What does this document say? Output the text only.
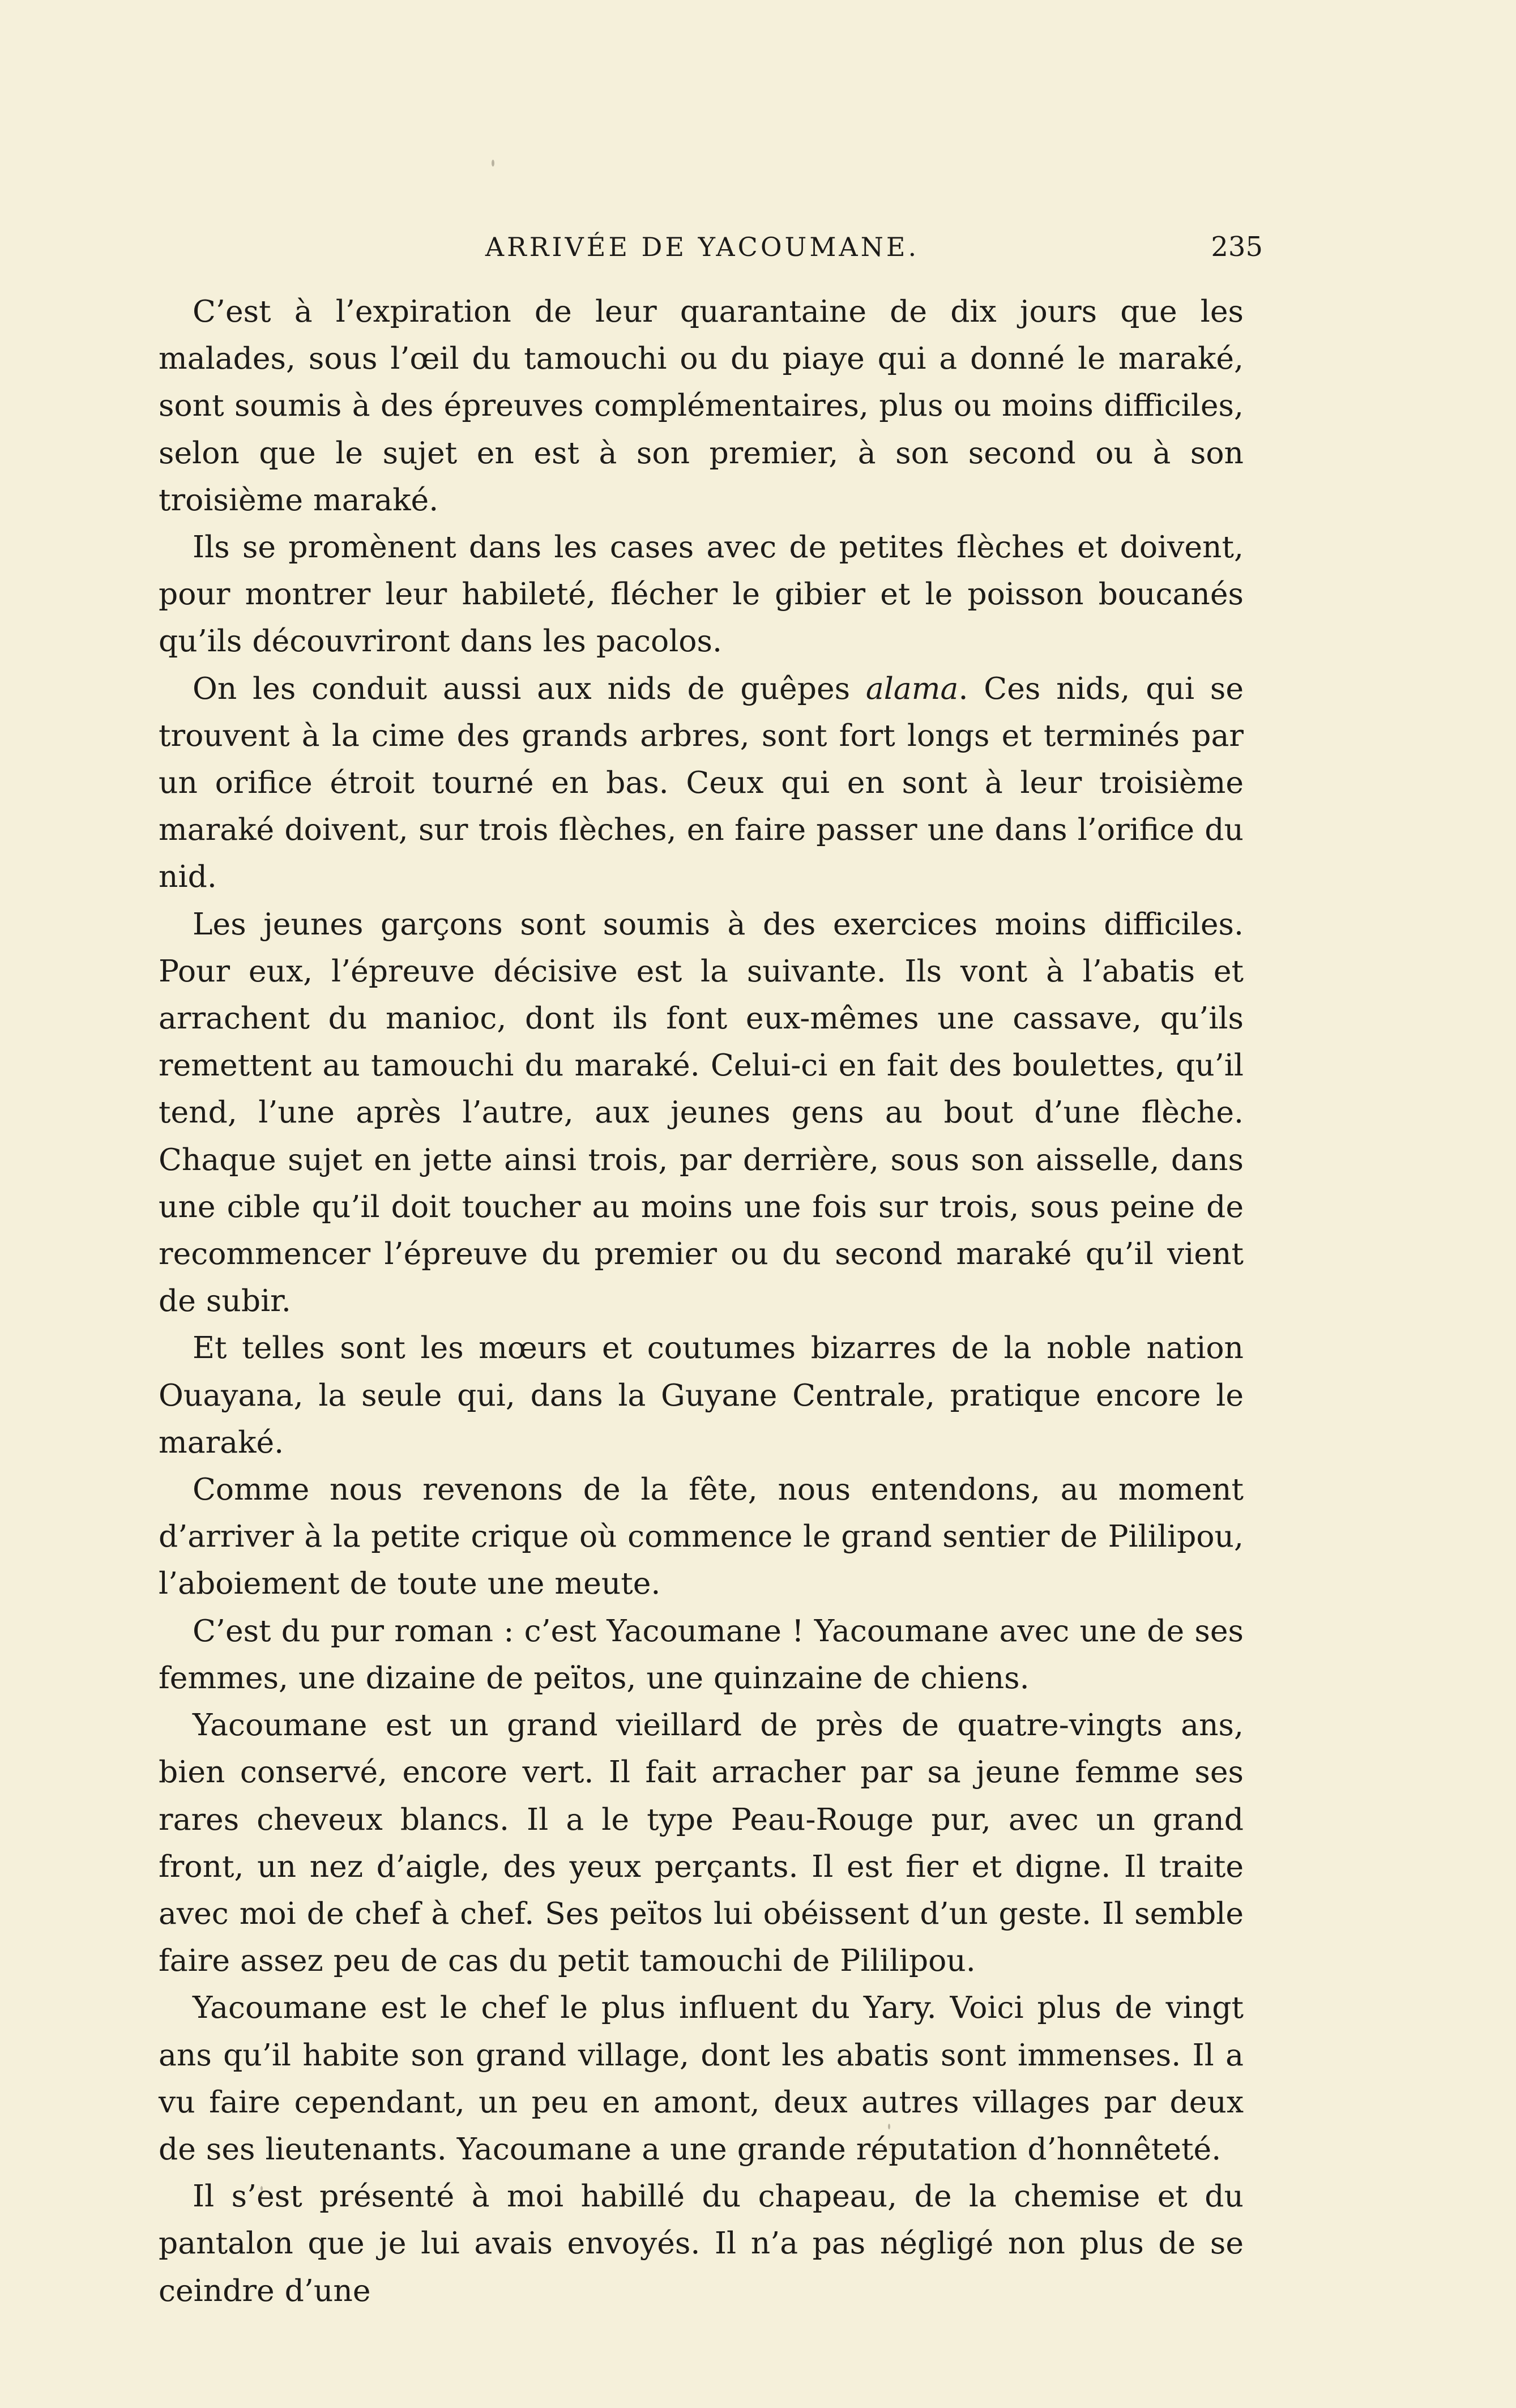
ARRIVÉE DE YACOUMANE.	235

C’est à l’expiration de leur quarantaine de dix jours que les malades, sous l’œil du tamouchi ou du piaye qui a donné le maraké, sont soumis à des épreuves complémentaires, plus ou moins difficiles, selon que le sujet en est à son premier, à son second ou à son troisième maraké.

Ils se promènent dans les cases avec de petites flèches et doivent, pour montrer leur habileté, flécher le gibier et le poisson boucanés qu’ils découvriront dans les pacolos.

On les conduit aussi aux nids de guêpes alama. Ces nids, qui se trouvent à la cime des grands arbres, sont fort longs et terminés par un orifice étroit tourné en bas. Ceux qui en sont à leur troisième maraké doivent, sur trois flèches, en faire passer une dans l’orifice du nid.

Les jeunes garçons sont soumis à des exercices moins difficiles. Pour eux, l’épreuve décisive est la suivante. Ils vont à l’abatis et arrachent du manioc, dont ils font eux-mêmes une cassave, qu’ils remettent au tamouchi du maraké. Celui-ci en fait des boulettes, qu’il tend, l’une après l’autre, aux jeunes gens au bout d’une flèche. Chaque sujet en jette ainsi trois, par derrière, sous son aisselle, dans une cible qu’il doit toucher au moins une fois sur trois, sous peine de recommencer l’épreuve du premier ou du second maraké qu’il vient de subir.

Et telles sont les mœurs et coutumes bizarres de la noble nation Ouayana, la seule qui, dans la Guyane Centrale, pratique encore le maraké.

Comme nous revenons de la fête, nous entendons, au moment d’arriver à la petite crique où commence le grand sentier de Pililipou, l’aboiement de toute une meute.

C’est du pur roman : c’est Yacoumane ! Yacoumane avec une de ses femmes, une dizaine de peïtos, une quinzaine de chiens.

Yacoumane est un grand vieillard de près de quatre-vingts ans, bien conservé, encore vert. Il fait arracher par sa jeune femme ses rares cheveux blancs. Il a le type Peau-Rouge pur, avec un grand front, un nez d’aigle, des yeux perçants. Il est fier et digne. Il traite avec moi de chef à chef. Ses peïtos lui obéissent d’un geste. Il semble faire assez peu de cas du petit tamouchi de Pililipou.

Yacoumane est le chef le plus influent du Yary. Voici plus de vingt ans qu’il habite son grand village, dont les abatis sont immenses. Il a vu faire cependant, un peu en amont, deux autres villages par deux de ses lieutenants. Yacoumane a une grande réputation d’honnêteté.

Il s’est présenté à moi habillé du chapeau, de la chemise et du pantalon que je lui avais envoyés. Il n’a pas négligé non plus de se ceindre d’une
